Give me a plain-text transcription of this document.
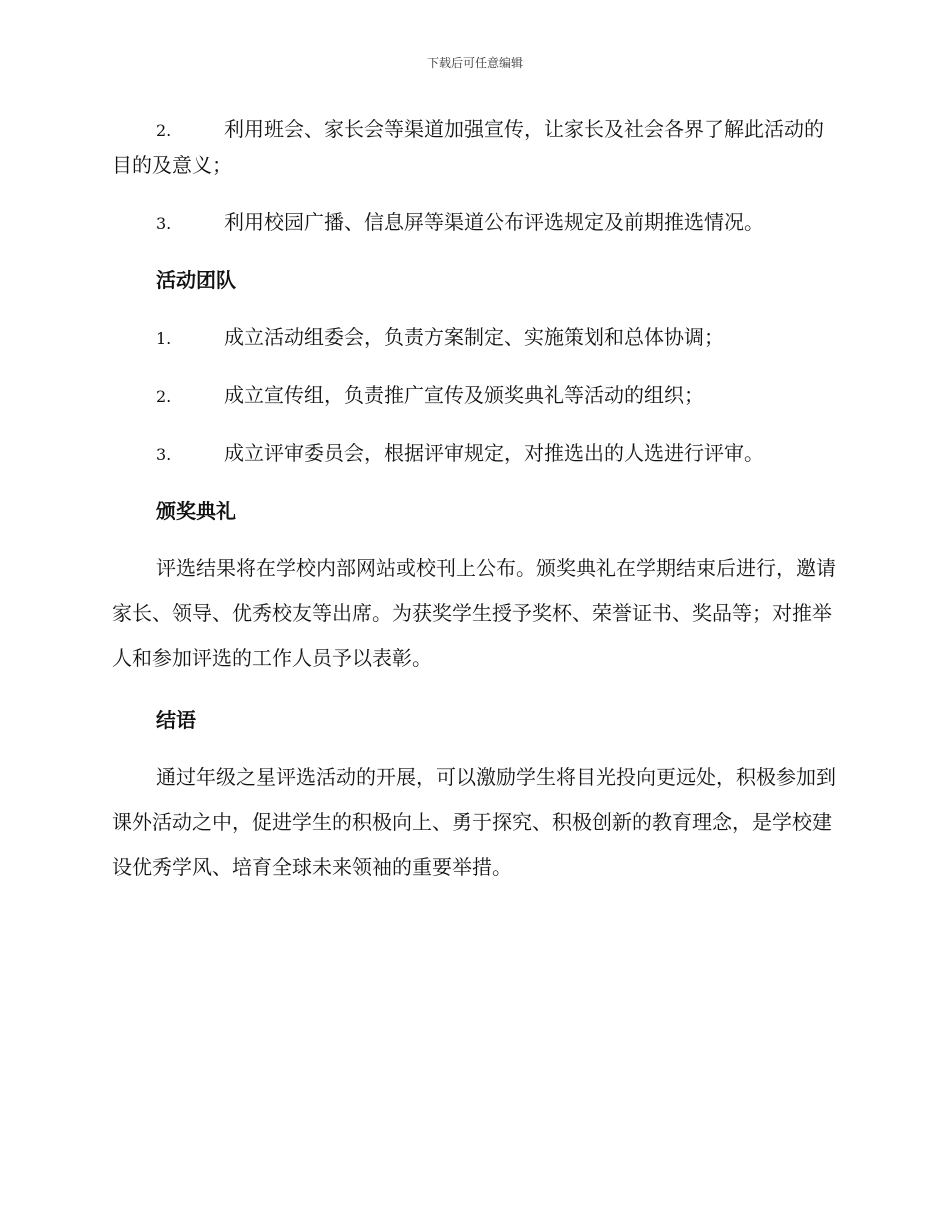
下载后可任意编辑
2.	利用班会、家长会等渠道加强宣传，让家长及社会各界了解此活动的目的及意义；
3.	利用校园广播、信息屏等渠道公布评选规定及前期推选情况。
活动团队
1.	成立活动组委会，负责方案制定、实施策划和总体协调；
2.	成立宣传组，负责推广宣传及颁奖典礼等活动的组织；
3.	成立评审委员会，根据评审规定，对推选出的人选进行评审。
颁奖典礼
评选结果将在学校内部网站或校刊上公布。颁奖典礼在学期结束后进行，邀请家长、领导、优秀校友等出席。为获奖学生授予奖杯、荣誉证书、奖品等；对推举人和参加评选的工作人员予以表彰。
结语
通过年级之星评选活动的开展，可以激励学生将目光投向更远处，积极参加到课外活动之中，促进学生的积极向上、勇于探究、积极创新的教育理念，是学校建设优秀学风、培育全球未来领袖的重要举措。
